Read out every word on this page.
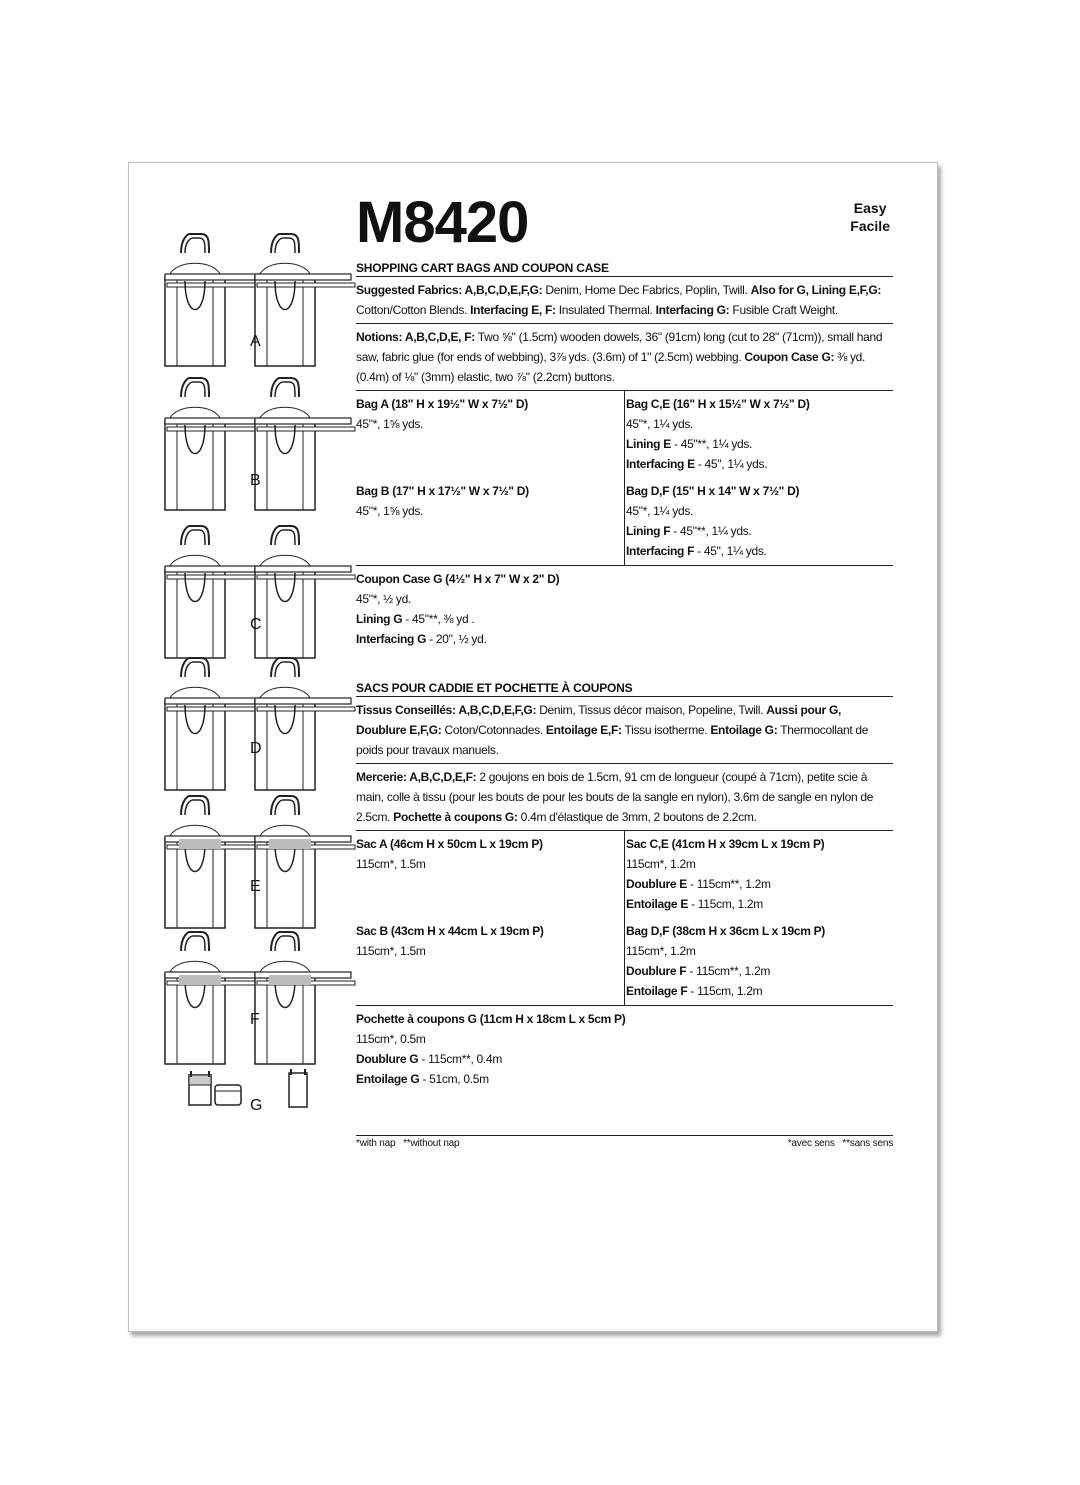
A
B
C
D
E
F
G
M8420	Easy
Facile
SHOPPING CART BAGS AND COUPON CASE
Suggested Fabrics: A,B,C,D,E,F,G: Denim, Home Dec Fabrics, Poplin, Twill. Also for G, Lining E,F,G: Cotton/Cotton Blends. Interfacing E, F: Insulated Thermal. Interfacing G: Fusible Craft Weight.
Notions: A,B,C,D,E, F: Two ⅝" (1.5cm) wooden dowels, 36" (91cm) long (cut to 28" (71cm)), small hand saw, fabric glue (for ends of webbing), 3⅞ yds. (3.6m) of 1" (2.5cm) webbing. Coupon Case G: ⅜ yd. (0.4m) of ⅛" (3mm) elastic, two ⅞" (2.2cm) buttons.
Bag A (18" H x 19½" W x 7½" D)
45"*, 1⅝ yds.
Bag C,E (16" H x 15½" W x 7½" D)
45"*, 1¼ yds.
Lining E - 45"**, 1¼ yds.
Interfacing E - 45", 1¼ yds.
Bag B (17" H x 17½" W x 7½" D)
45"*, 1⅝ yds.
Bag D,F (15" H x 14" W x 7½" D)
45"*, 1¼ yds.
Lining F - 45"**, 1¼ yds.
Interfacing F - 45", 1¼ yds.
Coupon Case G (4½" H x 7" W x 2" D)
45"*, ½ yd.
Lining G - 45"**, ⅜ yd .
Interfacing G - 20", ½ yd.
SACS POUR CADDIE ET POCHETTE À COUPONS
Tissus Conseillés: A,B,C,D,E,F,G: Denim, Tissus décor maison, Popeline, Twill. Aussi pour G, Doublure E,F,G: Coton/Cotonnades. Entoilage E,F: Tissu isotherme. Entoilage G: Thermocollant de poids pour travaux manuels.
Mercerie: A,B,C,D,E,F: 2 goujons en bois de 1.5cm, 91 cm de longueur (coupé à 71cm), petite scie à main, colle à tissu (pour les bouts de pour les bouts de la sangle en nylon), 3.6m de sangle en nylon de 2.5cm. Pochette à coupons G: 0.4m d'élastique de 3mm, 2 boutons de 2.2cm.
Sac A (46cm H x 50cm L x 19cm P)
115cm*, 1.5m
Sac C,E (41cm H x 39cm L x 19cm P)
115cm*, 1.2m
Doublure E - 115cm**, 1.2m
Entoilage E - 115cm, 1.2m
Sac B (43cm H x 44cm L x 19cm P)
115cm*, 1.5m
Bag D,F (38cm H x 36cm L x 19cm P)
115cm*, 1.2m
Doublure F - 115cm**, 1.2m
Entoilage F - 115cm, 1.2m
Pochette à coupons G (11cm H x 18cm L x 5cm P)
115cm*, 0.5m
Doublure G - 115cm**, 0.4m
Entoilage G - 51cm, 0.5m
*with nap   **without nap	*avec sens   **sans sens
